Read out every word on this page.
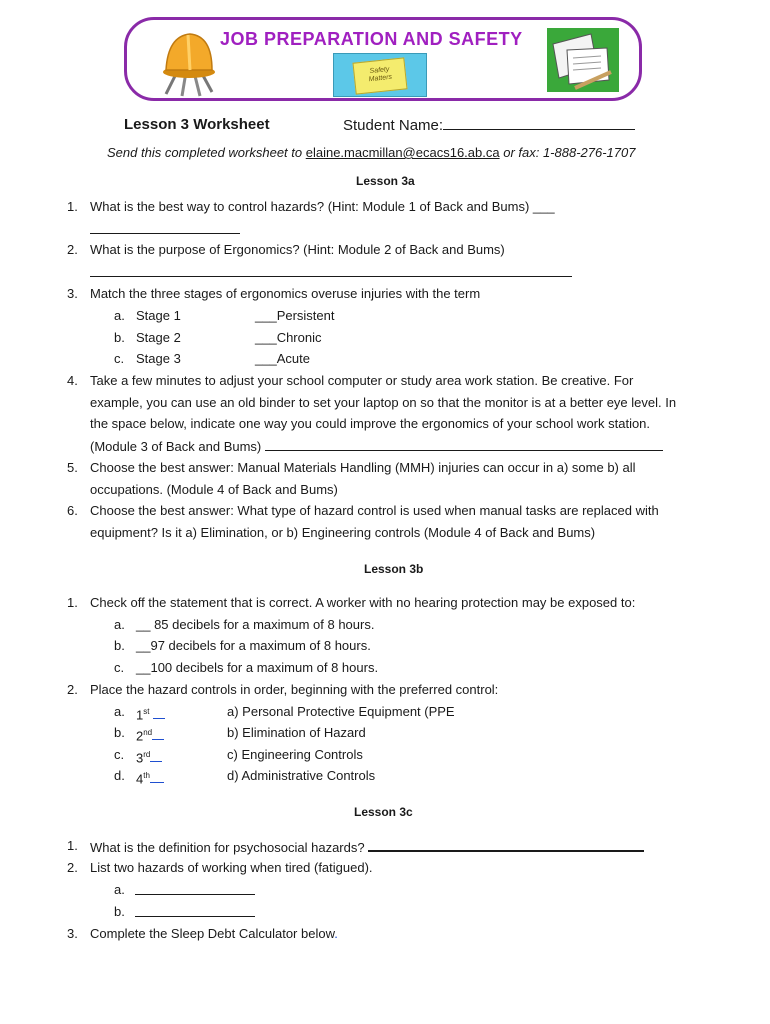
JOB PREPARATION AND SAFETY
Safety Matters
Lesson 3 Worksheet	Student Name:
Send this completed worksheet to elaine.macmillan@ecacs16.ab.ca or fax: 1-888-276-1707
Lesson 3a
1. What is the best way to control hazards? (Hint: Module 1 of Back and Bums) ___
2. What is the purpose of Ergonomics? (Hint: Module 2 of Back and Bums)
3. Match the three stages of ergonomics overuse injuries with the term
a. Stage 1	___Persistent
b. Stage 2	___Chronic
c. Stage 3	___Acute
4. Take a few minutes to adjust your school computer or study area work station. Be creative. For
example, you can use an old binder to set your laptop on so that the monitor is at a better eye level. In
the space below, indicate one way you could improve the ergonomics of your school work station.
(Module 3 of Back and Bums)
5. Choose the best answer: Manual Materials Handling (MMH) injuries can occur in a) some b) all
occupations. (Module 4 of Back and Bums)
6. Choose the best answer: What type of hazard control is used when manual tasks are replaced with
equipment? Is it a) Elimination, or b) Engineering controls (Module 4 of Back and Bums)
Lesson 3b
1. Check off the statement that is correct. A worker with no hearing protection may be exposed to:
a. __ 85 decibels for a maximum of 8 hours.
b. __97 decibels for a maximum of 8 hours.
c. __100 decibels for a maximum of 8 hours.
2. Place the hazard controls in order, beginning with the preferred control:
a. 1st	a) Personal Protective Equipment (PPE
b. 2nd	b) Elimination of Hazard
c. 3rd	c) Engineering Controls
d. 4th	d) Administrative Controls
Lesson 3c
1. What is the definition for psychosocial hazards?
2. List two hazards of working when tired (fatigued).
a.
b.
3. Complete the Sleep Debt Calculator below.
